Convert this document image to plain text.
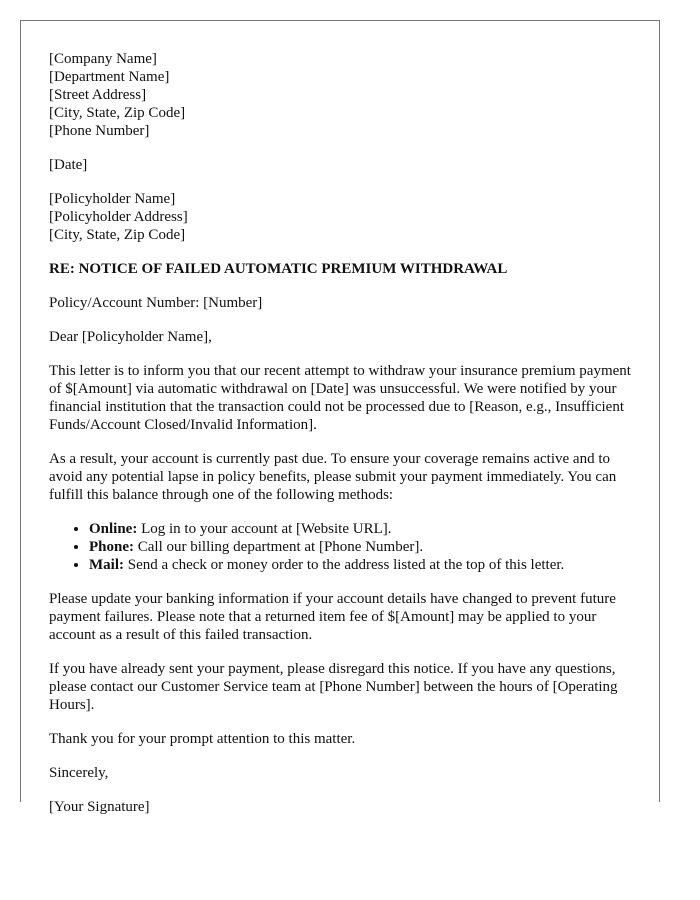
[Company Name]
[Department Name]
[Street Address]
[City, State, Zip Code]
[Phone Number]
[Date]
[Policyholder Name]
[Policyholder Address]
[City, State, Zip Code]
RE: NOTICE OF FAILED AUTOMATIC PREMIUM WITHDRAWAL

Policy/Account Number: [Number]

Dear [Policyholder Name],

This letter is to inform you that our recent attempt to withdraw your insurance premium payment of $[Amount] via automatic withdrawal on [Date] was unsuccessful. We were notified by your financial institution that the transaction could not be processed due to [Reason, e.g., Insufficient Funds/Account Closed/Invalid Information].

As a result, your account is currently past due. To ensure your coverage remains active and to avoid any potential lapse in policy benefits, please submit your payment immediately. You can fulfill this balance through one of the following methods:

• Online: Log in to your account at [Website URL].
• Phone: Call our billing department at [Phone Number].
• Mail: Send a check or money order to the address listed at the top of this letter.

Please update your banking information if your account details have changed to prevent future payment failures. Please note that a returned item fee of $[Amount] may be applied to your account as a result of this failed transaction.

If you have already sent your payment, please disregard this notice. If you have any questions, please contact our Customer Service team at [Phone Number] between the hours of [Operating Hours].

Thank you for your prompt attention to this matter.

Sincerely,

[Your Signature]
